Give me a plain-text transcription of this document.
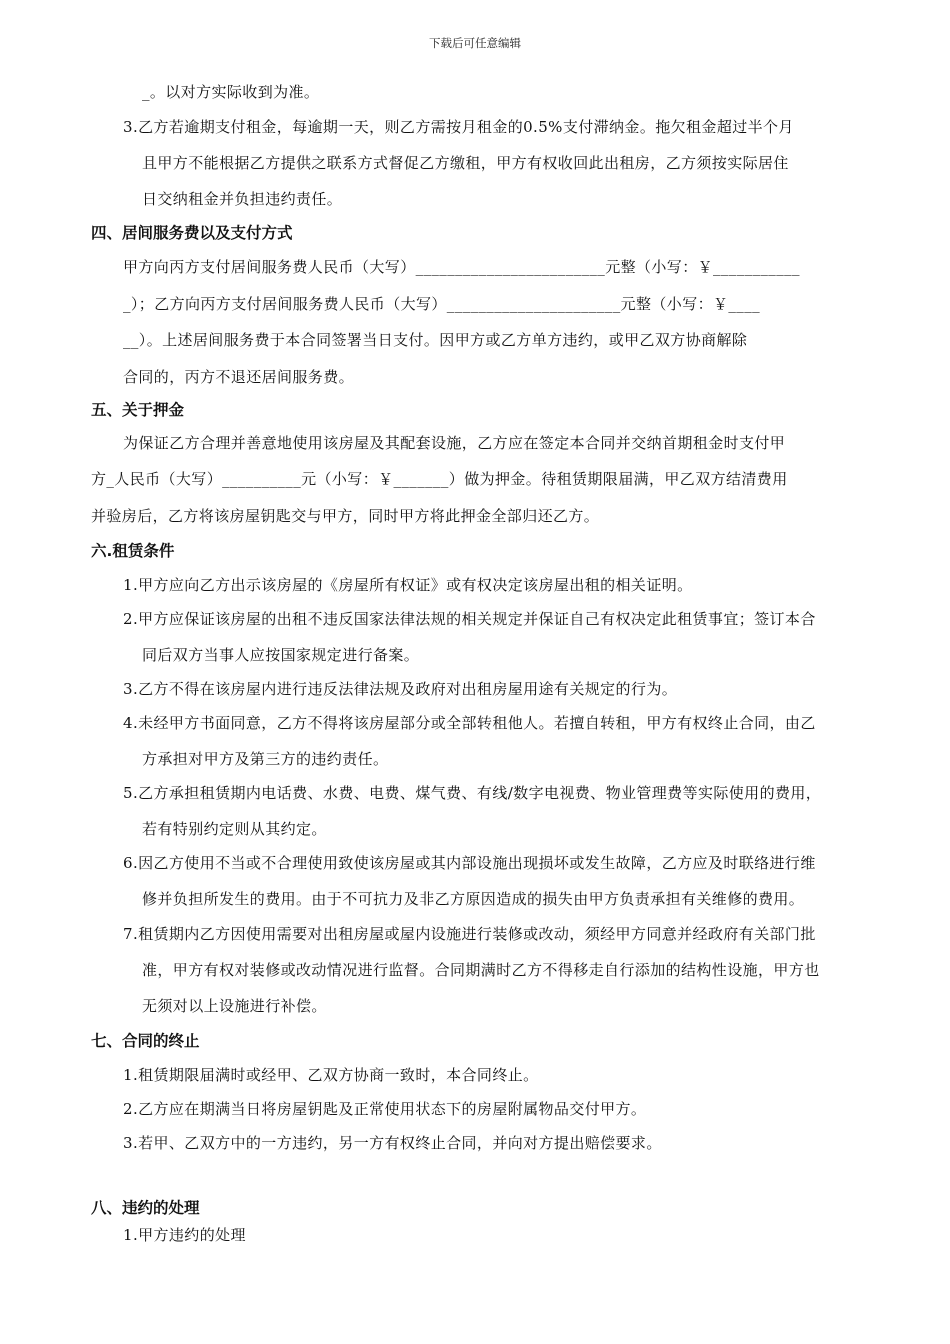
下载后可任意编辑
_。以对方实际收到为准。
3.乙方若逾期支付租金，每逾期一天，则乙方需按月租金的0.5%支付滞纳金。拖欠租金超过半个月
且甲方不能根据乙方提供之联系方式督促乙方缴租，甲方有权收回此出租房，乙方须按实际居住
日交纳租金并负担违约责任。
四、居间服务费以及支付方式
甲方向丙方支付居间服务费人民币（大写）________________________元整（小写：￥___________
_）；乙方向丙方支付居间服务费人民币（大写）______________________元整（小写：￥____
__）。上述居间服务费于本合同签署当日支付。因甲方或乙方单方违约，或甲乙双方协商解除
合同的，丙方不退还居间服务费。
五、关于押金
为保证乙方合理并善意地使用该房屋及其配套设施，乙方应在签定本合同并交纳首期租金时支付甲
方_人民币（大写）__________元（小写：￥_______）做为押金。待租赁期限届满，甲乙双方结清费用
并验房后，乙方将该房屋钥匙交与甲方，同时甲方将此押金全部归还乙方。
六.租赁条件
1.甲方应向乙方出示该房屋的《房屋所有权证》或有权决定该房屋出租的相关证明。
2.甲方应保证该房屋的出租不违反国家法律法规的相关规定并保证自己有权决定此租赁事宜；签订本合
同后双方当事人应按国家规定进行备案。
3.乙方不得在该房屋内进行违反法律法规及政府对出租房屋用途有关规定的行为。
4.未经甲方书面同意，乙方不得将该房屋部分或全部转租他人。若擅自转租，甲方有权终止合同，由乙
方承担对甲方及第三方的违约责任。
5.乙方承担租赁期内电话费、水费、电费、煤气费、有线/数字电视费、物业管理费等实际使用的费用，
若有特别约定则从其约定。
6.因乙方使用不当或不合理使用致使该房屋或其内部设施出现损坏或发生故障，乙方应及时联络进行维
修并负担所发生的费用。由于不可抗力及非乙方原因造成的损失由甲方负责承担有关维修的费用。
7.租赁期内乙方因使用需要对出租房屋或屋内设施进行装修或改动，须经甲方同意并经政府有关部门批
准，甲方有权对装修或改动情况进行监督。合同期满时乙方不得移走自行添加的结构性设施，甲方也
无须对以上设施进行补偿。
七、合同的终止
1.租赁期限届满时或经甲、乙双方协商一致时，本合同终止。
2.乙方应在期满当日将房屋钥匙及正常使用状态下的房屋附属物品交付甲方。
3.若甲、乙双方中的一方违约，另一方有权终止合同，并向对方提出赔偿要求。
八、违约的处理
1.甲方违约的处理
